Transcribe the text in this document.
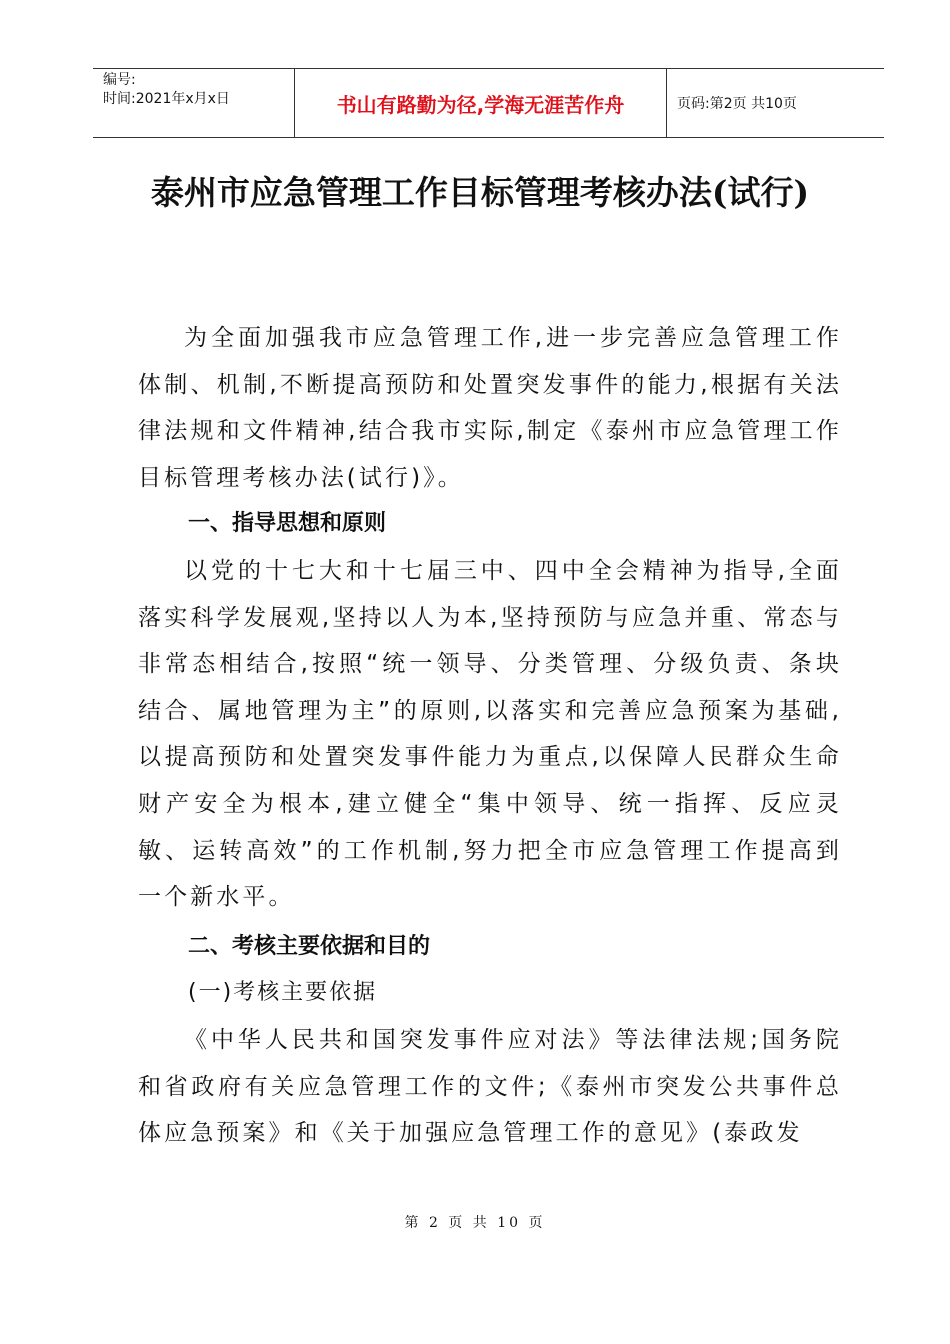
编号:
时间:2021年x月x日	书山有路勤为径,学海无涯苦作舟	页码:第2页 共10页
泰州市应急管理工作目标管理考核办法(试行)

为全面加强我市应急管理工作,进一步完善应急管理工作体制、机制,不断提高预防和处置突发事件的能力,根据有关法律法规和文件精神,结合我市实际,制定《泰州市应急管理工作目标管理考核办法(试行)》。

一、指导思想和原则

以党的十七大和十七届三中、四中全会精神为指导,全面落实科学发展观,坚持以人为本,坚持预防与应急并重、常态与非常态相结合,按照“统一领导、分类管理、分级负责、条块结合、属地管理为主”的原则,以落实和完善应急预案为基础,以提高预防和处置突发事件能力为重点,以保障人民群众生命财产安全为根本,建立健全“集中领导、统一指挥、反应灵敏、运转高效”的工作机制,努力把全市应急管理工作提高到一个新水平。

二、考核主要依据和目的

(一)考核主要依据

《中华人民共和国突发事件应对法》等法律法规;国务院和省政府有关应急管理工作的文件;《泰州市突发公共事件总体应急预案》和《关于加强应急管理工作的意见》(泰政发

第 2 页 共 10 页
